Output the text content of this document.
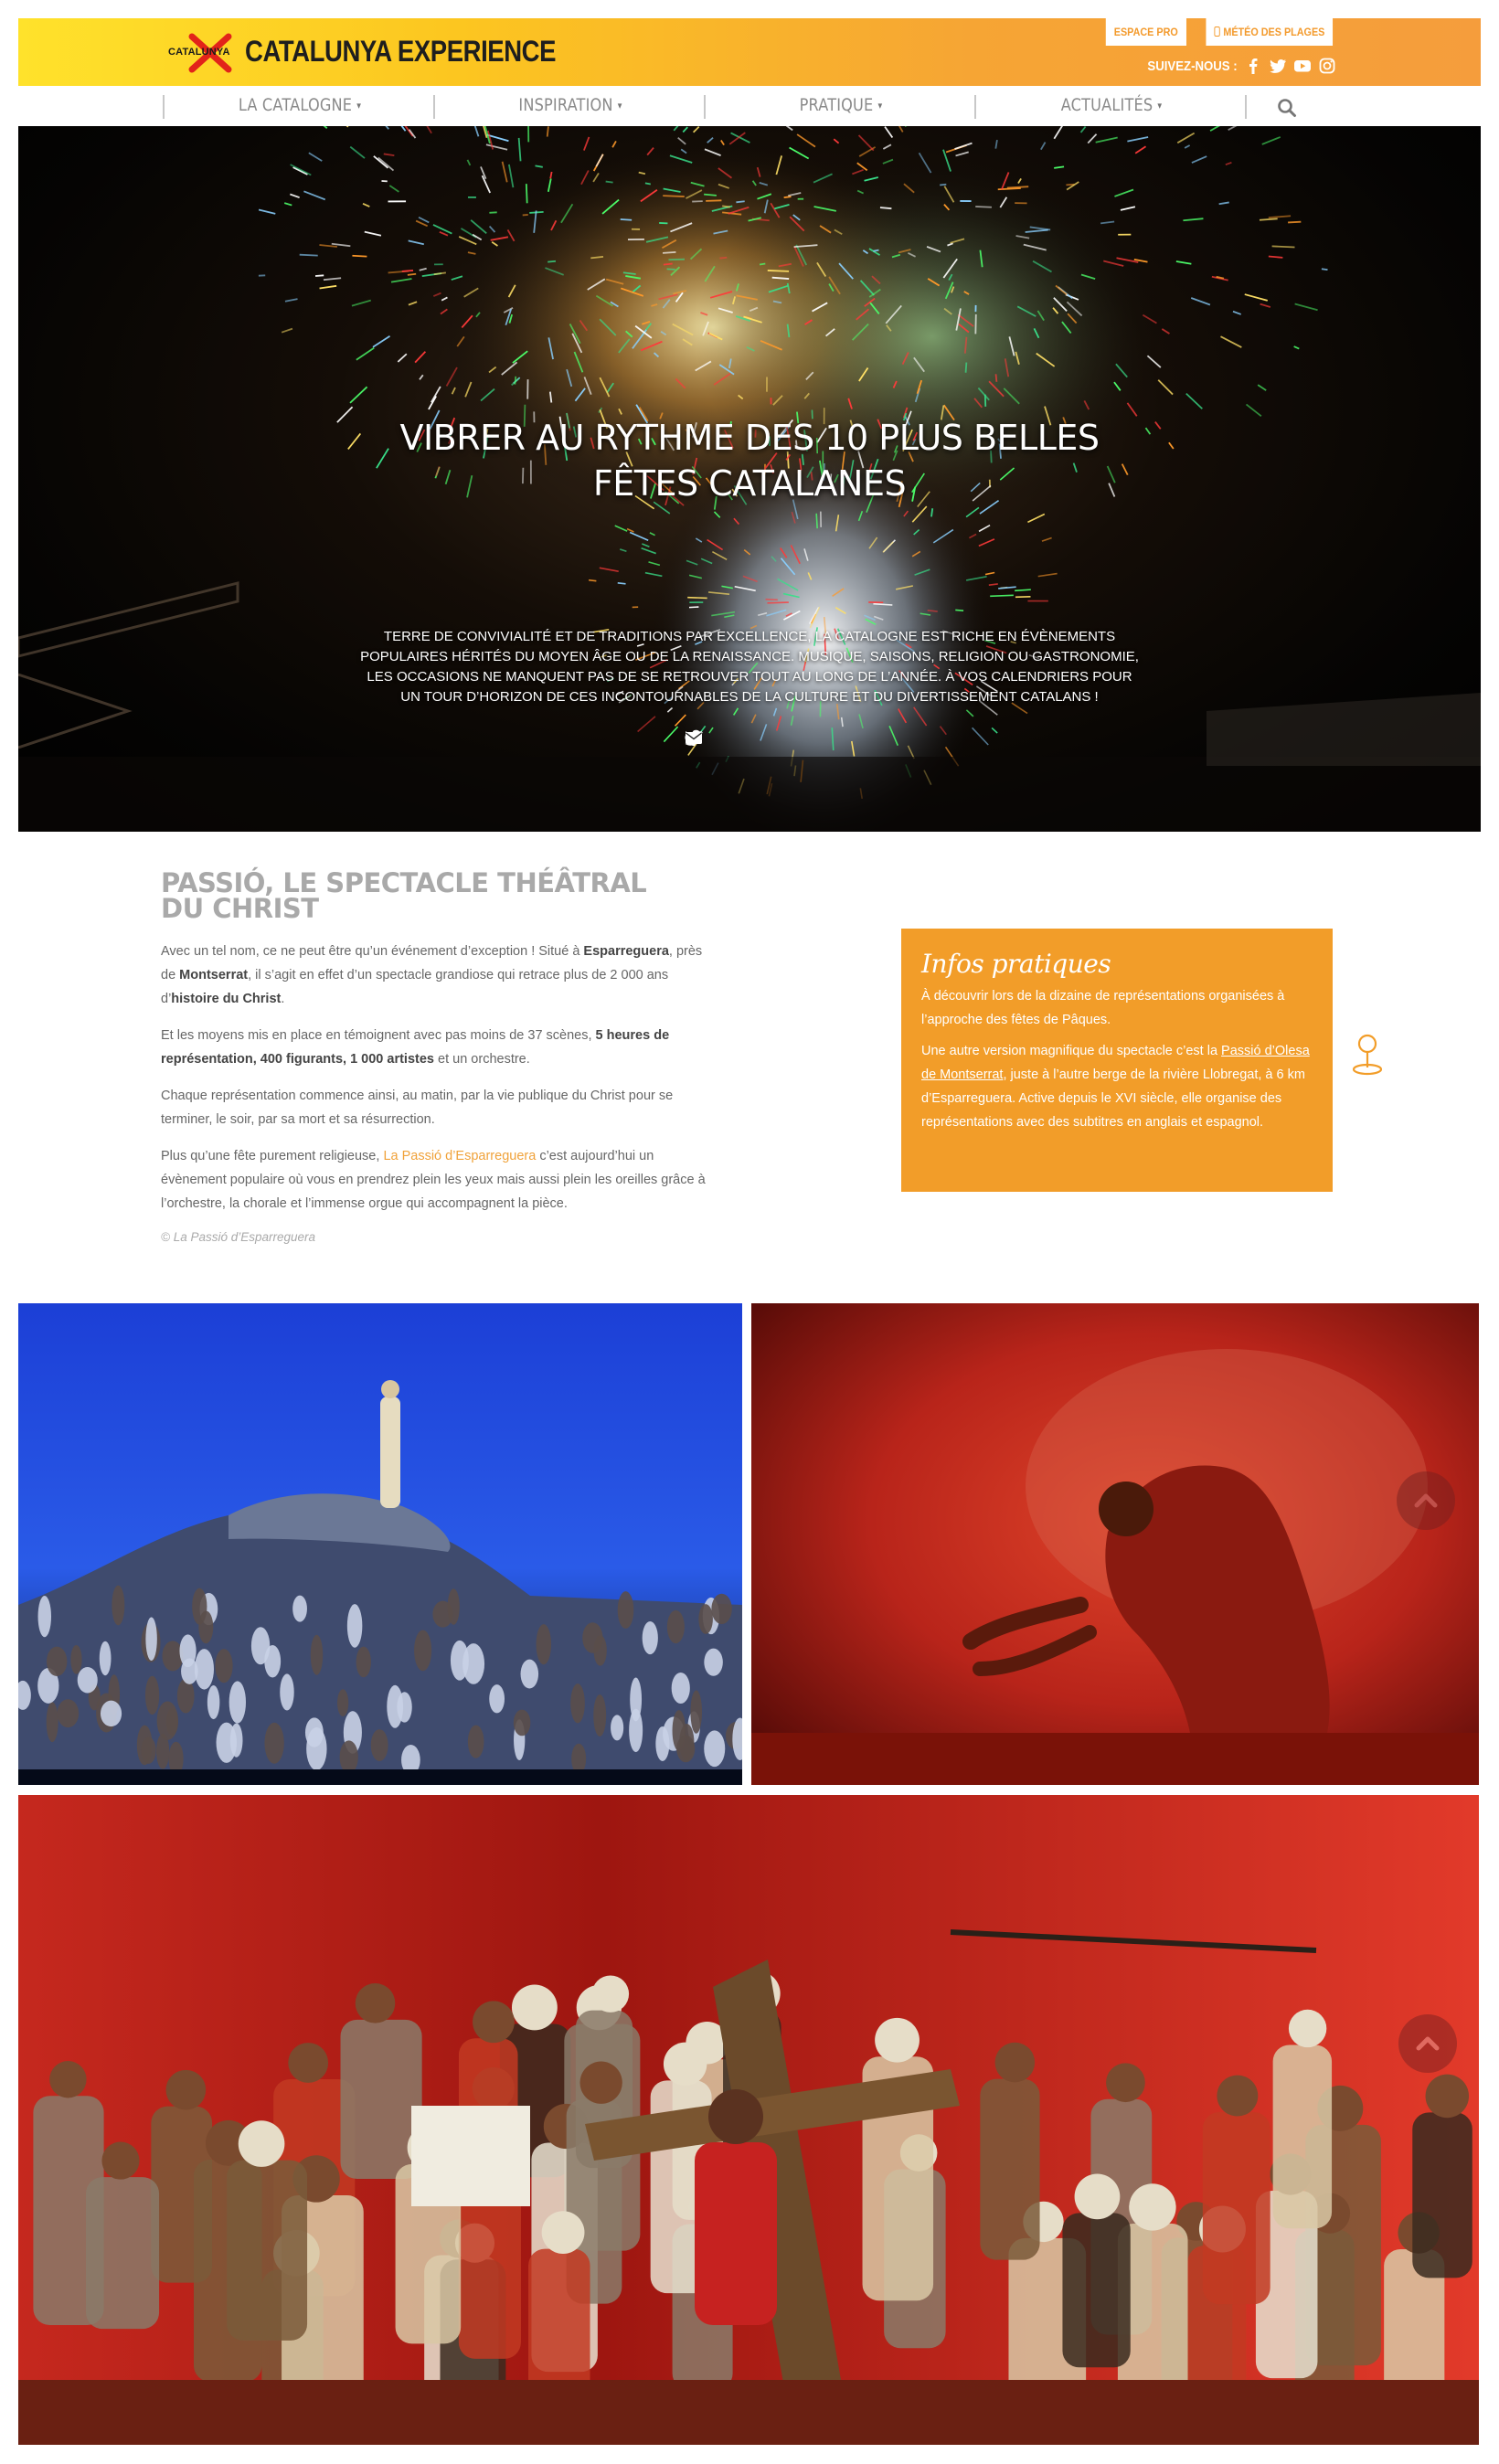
CATALUNYA CATALUNYA EXPERIENCE
ESPACE PRO	MÉTÉO DES PLAGES
SUIVEZ-NOUS :
LA CATALOGNE ▾	INSPIRATION ▾	PRATIQUE ▾	ACTUALITÉS ▾
VIBRER AU RYTHME DES 10 PLUS BELLES
FÊTES CATALANES
TERRE DE CONVIVIALITÉ ET DE TRADITIONS PAR EXCELLENCE, LA CATALOGNE EST RICHE EN ÉVÈNEMENTS POPULAIRES HÉRITÉS DU MOYEN ÂGE OU DE LA RENAISSANCE. MUSIQUE, SAISONS, RELIGION OU GASTRONOMIE, LES OCCASIONS NE MANQUENT PAS DE SE RETROUVER TOUT AU LONG DE L’ANNÉE. À VOS CALENDRIERS POUR UN TOUR D’HORIZON DE CES INCONTOURNABLES DE LA CULTURE ET DU DIVERTISSEMENT CATALANS !
PASSIÓ, LE SPECTACLE THÉÂTRAL DU CHRIST

Avec un tel nom, ce ne peut être qu’un événement d’exception ! Situé à Esparreguera, près de Montserrat, il s’agit en effet d’un spectacle grandiose qui retrace plus de 2 000 ans d’histoire du Christ.

Et les moyens mis en place en témoignent avec pas moins de 37 scènes, 5 heures de représentation, 400 figurants, 1 000 artistes et un orchestre.

Chaque représentation commence ainsi, au matin, par la vie publique du Christ pour se terminer, le soir, par sa mort et sa résurrection.

Plus qu’une fête purement religieuse, La Passió d’Esparreguera c’est aujourd’hui un évènement populaire où vous en prendrez plein les yeux mais aussi plein les oreilles grâce à l’orchestre, la chorale et l’immense orgue qui accompagnent la pièce.

© La Passió d’Esparreguera

Infos pratiques

À découvrir lors de la dizaine de représentations organisées à l’approche des fêtes de Pâques.

Une autre version magnifique du spectacle c’est la Passió d’Olesa de Montserrat, juste à l’autre berge de la rivière Llobregat, à 6 km d’Esparreguera. Active depuis le XVI siècle, elle organise des représentations avec des subtitres en anglais et espagnol.
